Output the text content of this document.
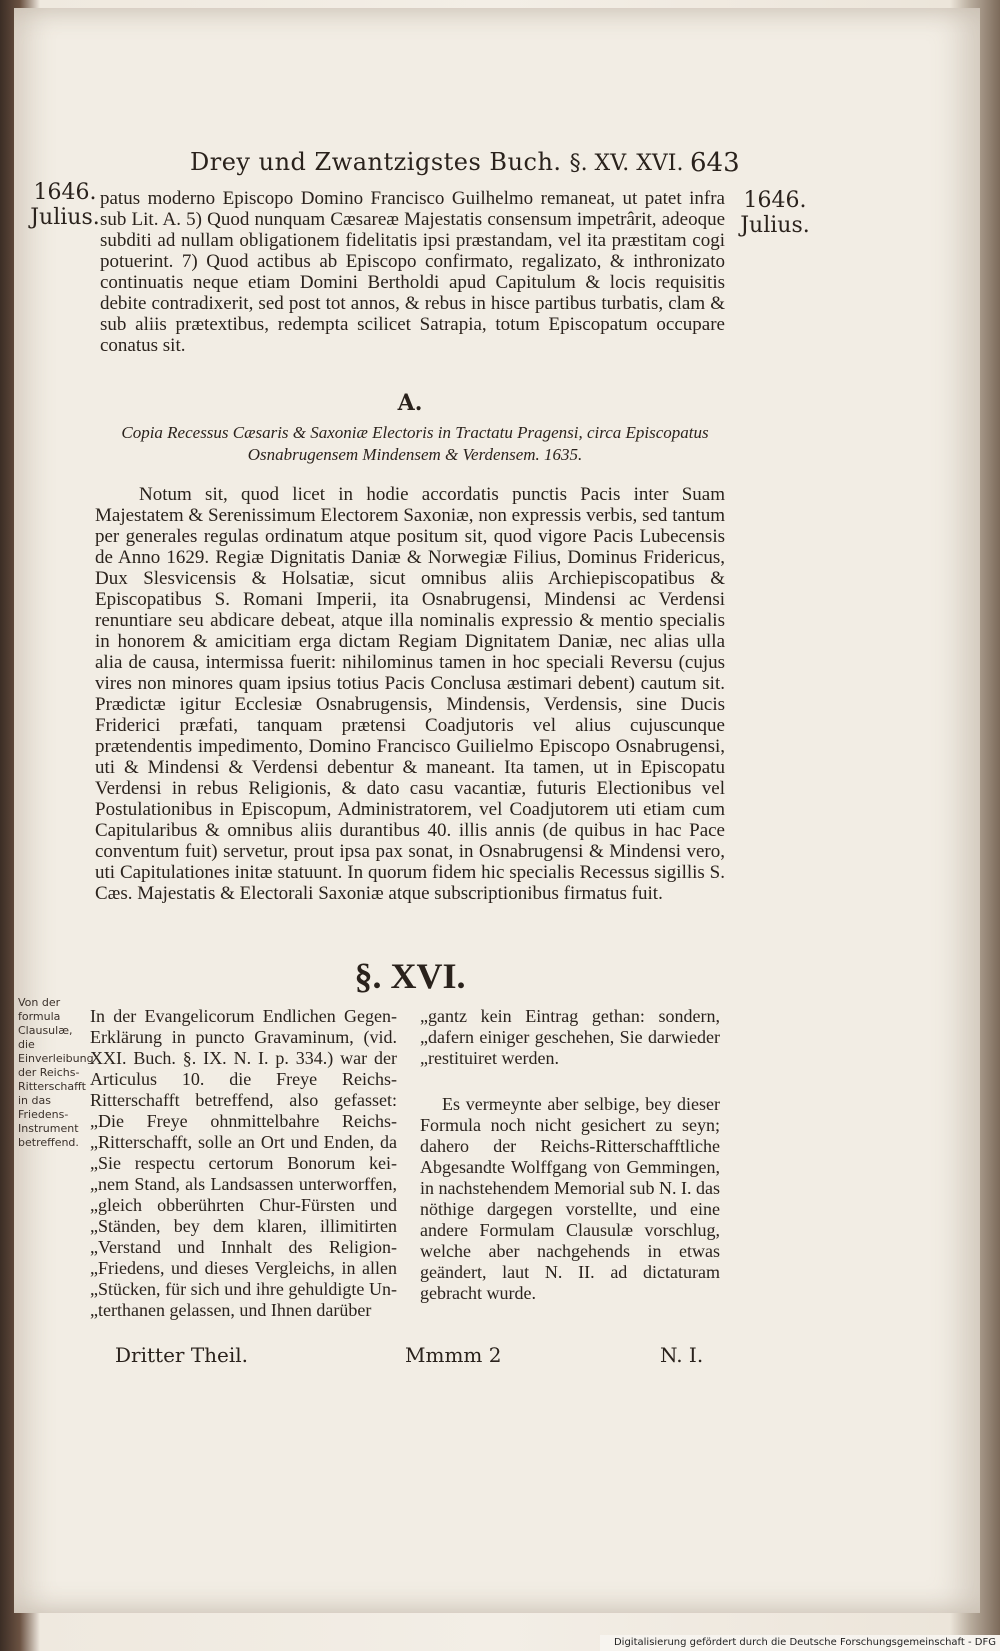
Drey und Zwantzigstes Buch. §. XV. XVI. 643
1646.
Julius.
1646.
Julius.
patus moderno Episcopo Domino Francisco Guilhelmo remaneat, ut patet infra sub Lit. A. 5) Quod nunquam Cæsareæ Majestatis consensum impetrârit, adeoque subditi ad nullam obligationem fidelitatis ipsi præstandam, vel ita præstitam cogi potuerint. 7) Quod actibus ab Episcopo confirmato, regalizato, & inthronizato continuatis neque etiam Domini Bertholdi apud Capitulum & locis requisitis debite contradixerit, sed post tot annos, & rebus in hisce partibus turbatis, clam & sub aliis prætextibus, redempta scilicet Satrapia, totum Episcopatum occupare conatus sit.
A.
Copia Recessus Cæsaris & Saxoniæ Electoris in Tractatu Pragensi, circa Episcopatus Osnabrugensem Mindensem & Verdensem. 1635.
Notum sit, quod licet in hodie accordatis punctis Pacis inter Suam Majestatem & Serenissimum Electorem Saxoniæ, non expressis verbis, sed tantum per generales regulas ordinatum atque positum sit, quod vigore Pacis Lubecensis de Anno 1629. Regiæ Dignitatis Daniæ & Norwegiæ Filius, Dominus Fridericus, Dux Slesvicensis & Holsatiæ, sicut omnibus aliis Archiepiscopatibus & Episcopatibus S. Romani Imperii, ita Osnabrugensi, Mindensi ac Verdensi renuntiare seu abdicare debeat, atque illa nominalis expressio & mentio specialis in honorem & amicitiam erga dictam Regiam Dignitatem Daniæ, nec alias ulla alia de causa, intermissa fuerit: nihilominus tamen in hoc speciali Reversu (cujus vires non minores quam ipsius totius Pacis Conclusa æstimari debent) cautum sit. Prædictæ igitur Ecclesiæ Osnabrugensis, Mindensis, Verdensis, sine Ducis Friderici præfati, tanquam prætensi Coadjutoris vel alius cujuscunque prætendentis impedimento, Domino Francisco Guilielmo Episcopo Osnabrugensi, uti & Mindensi & Verdensi debentur & maneant. Ita tamen, ut in Episcopatu Verdensi in rebus Religionis, & dato casu vacantiæ, futuris Electionibus vel Postulationibus in Episcopum, Administratorem, vel Coadjutorem uti etiam cum Capitularibus & omnibus aliis durantibus 40. illis annis (de quibus in hac Pace conventum fuit) servetur, prout ipsa pax sonat, in Osnabrugensi & Mindensi vero, uti Capitulationes initæ statuunt. In quorum fidem hic specialis Recessus sigillis S. Cæs. Majestatis & Electorali Saxoniæ atque subscriptionibus firmatus fuit.
§. XVI.
Von der formula Clausulæ, die Einverleibung der Reichs-Ritterschafft in das Friedens-Instrument betreffend.
In der Evangelicorum Endlichen Gegen-Erklärung in puncto Gravaminum, (vid. XXI. Buch. §. IX. N. I. p. 334.) war der Articulus 10. die Freye Reichs-Ritterschafft betreffend, also gefasset: „Die Freye ohnmittelbahre Reichs-„Ritterschafft, solle an Ort und Enden, da „Sie respectu certorum Bonorum kei-„nem Stand, als Landsassen unterworffen, „gleich obberührten Chur-Fürsten und „Ständen, bey dem klaren, illimitirten „Verstand und Innhalt des Religion-„Friedens, und dieses Vergleichs, in allen „Stücken, für sich und ihre gehuldigte Un-„terthanen gelassen, und Ihnen darüber
„gantz kein Eintrag gethan: sondern, „dafern einiger geschehen, Sie darwieder „restituiret werden.
Es vermeynte aber selbige, bey dieser Formula noch nicht gesichert zu seyn; dahero der Reichs-Ritterschafftliche Abgesandte Wolffgang von Gemmingen, in nachstehendem Memorial sub N. I. das nöthige dargegen vorstellte, und eine andere Formulam Clausulæ vorschlug, welche aber nachgehends in etwas geändert, laut N. II. ad dictaturam gebracht wurde.
Dritter Theil.	Mmmm 2	N. I.
Digitalisierung gefördert durch die Deutsche Forschungsgemeinschaft - DFG
